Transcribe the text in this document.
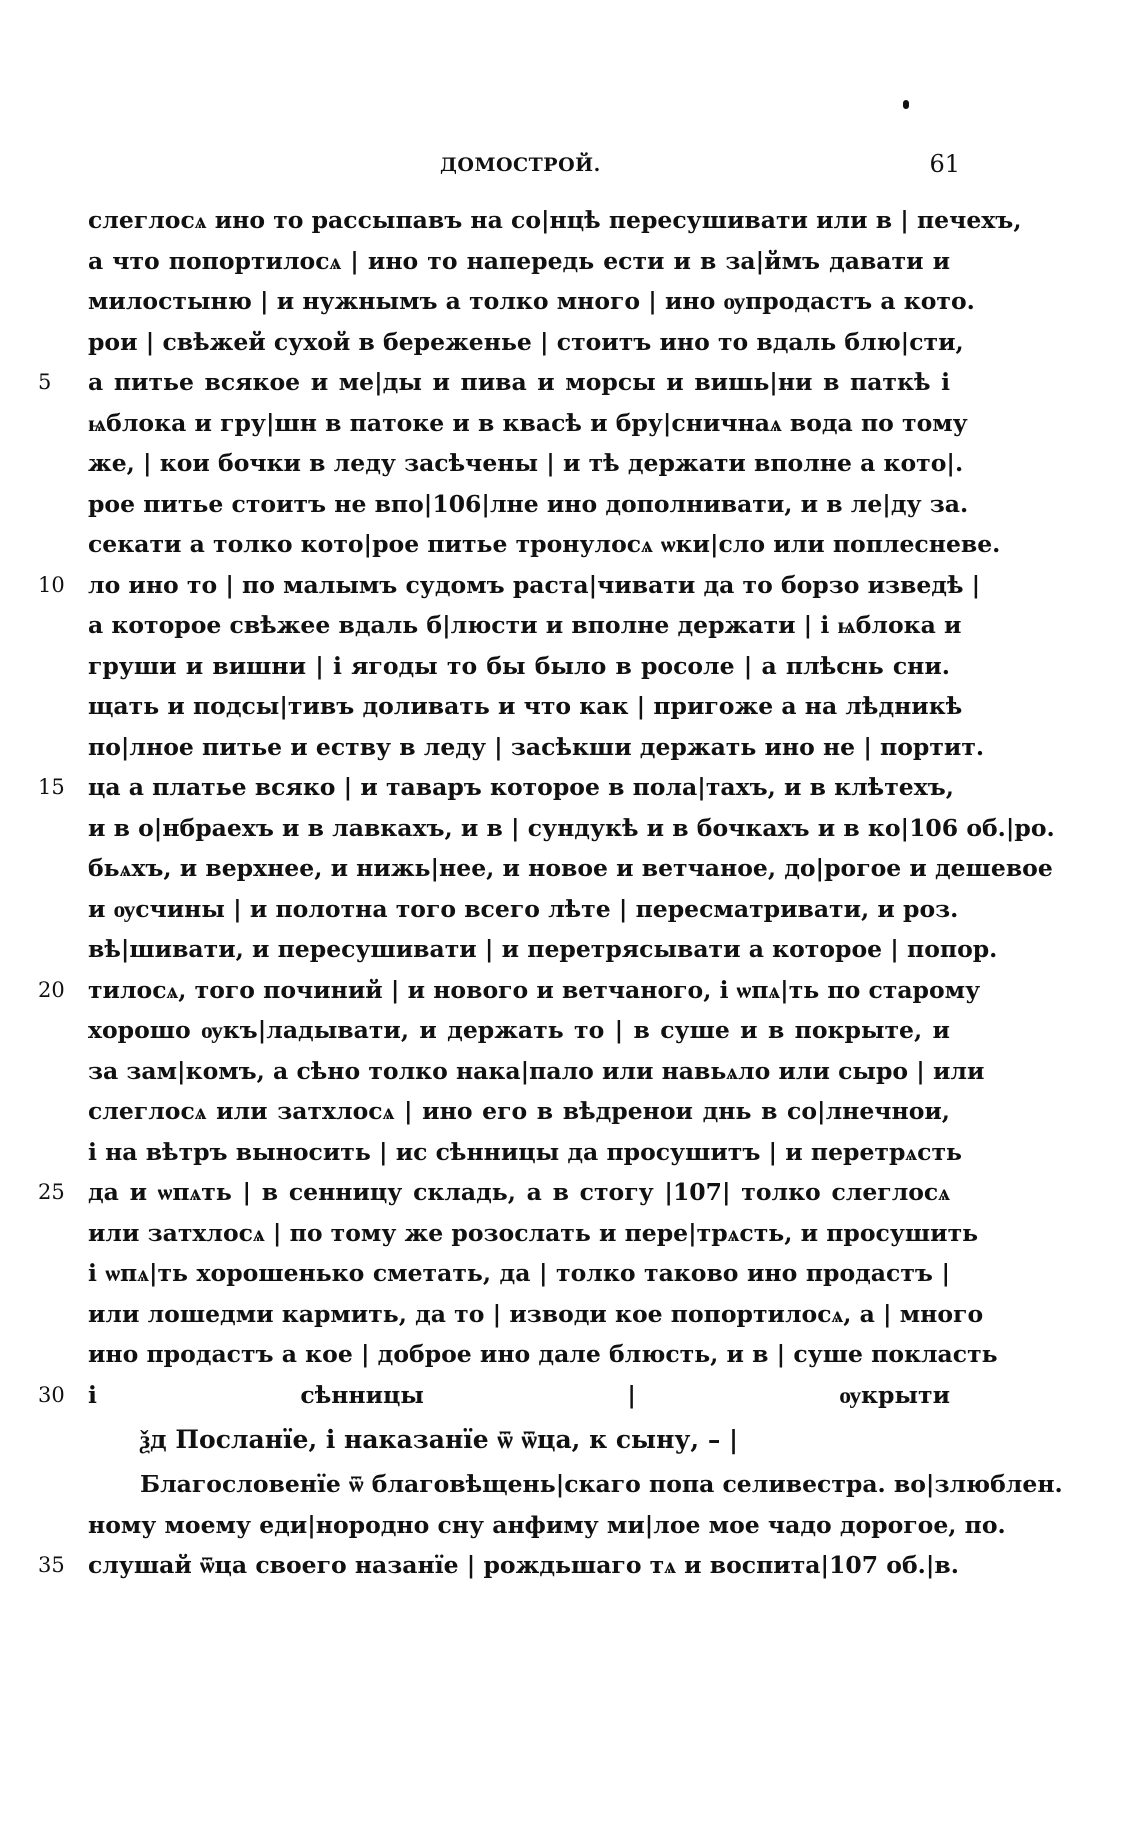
ДОМОСТРОЙ.	61
слеглосѧ ино то рассыпавъ на со|нцѣ пересушивати или в | печехъ,
а что попортилосѧ | ино то напередь ести и в за|ймъ давати и
милостыню | и нужнымъ а толко много | ино ѹпродастъ а кото.
рои | свѣжей сухой в береженье | стоитъ ино то вдаль блю|сти,
5	а питье всякое и ме|ды и пива и морсы и вишь|ни в паткѣ і
ѩблока и гру|шн в патоке и в квасѣ и бру|сничнаѧ вода по тому
же, | кои бочки в леду засѣчены | и тѣ держати вполне а кото|.
рое питье стоитъ не впо|106|лне ино дополнивати, и в ле|ду за.
секати а толко кото|рое питье тронулосѧ ѡки|сло или поплесневе.
10 ло ино то | по малымъ судомъ раста|чивати да то борзо изведѣ |
а которое свѣжее вдаль б|люсти и вполне держати | і ѩблока и
груши и вишни | і ягоды то бы было в росоле | а плѣснь сни.
щать и подсы|тивъ доливать и что как | пригоже а на лѣдникѣ
по|лное питье и еству в леду | засѣкши держать ино не | портит.
15 ца а платье всяко | и таваръ которое в пола|тахъ, и в клѣтехъ,
и в о|нбраехъ и в лавкахъ, и в | сундукѣ и в бочкахъ и в ко|106 об.|ро.
бьѧхъ, и верхнее, и нижь|нее, и новое и ветчаное, до|рогое и дешевое
и ѹсчины | и полотна того всего лѣте | пересматривати, и роз.
вѣ|шивати, и пересушивати | и перетрясывати а которое | попор.
20 тилосѧ, того починий | и нового и ветчаного, і ѡпѧ|ть по старому
хорошо ѹкъ|ладывати, и держать то | в суше и в покрыте, и
за зам|комъ, а сѣно толко нака|пало или навьѧло или сыро | или
слеглосѧ или затхлосѧ | ино его в вѣдренои днь в со|лнечнои,
і на вѣтръ выносить | ис сѣнницы да просушитъ | и перетрѧсть
25 да и ѡпѧть | в сенницу складь, а в стогу |107| толко слеглосѧ
или затхлосѧ | по тому же розослать и пере|трѧсть, и просушить
і ѡпѧ|ть хорошенько сметать, да | толко таково ино продастъ |
или лошедми кармить, да то | изводи кое попортилосѧ, а | много
ино продастъ а кое | доброе ино дале блюсть, и в | суше покласть
30 і сѣнницы | ѹкрыти
ѯд Посланїе, і наказанїе ѿ ѿца, к сыну, – |
Благословенїе ѿ благовѣщень|скаго попа селивестра. во|злюблен.
ному моему еди|нородно сну анфиму ми|лое мое чадо дорогое, по.
35 слушай ѿца своего назанїе | рождьшаго тѧ и воспита|107 об.|в.
